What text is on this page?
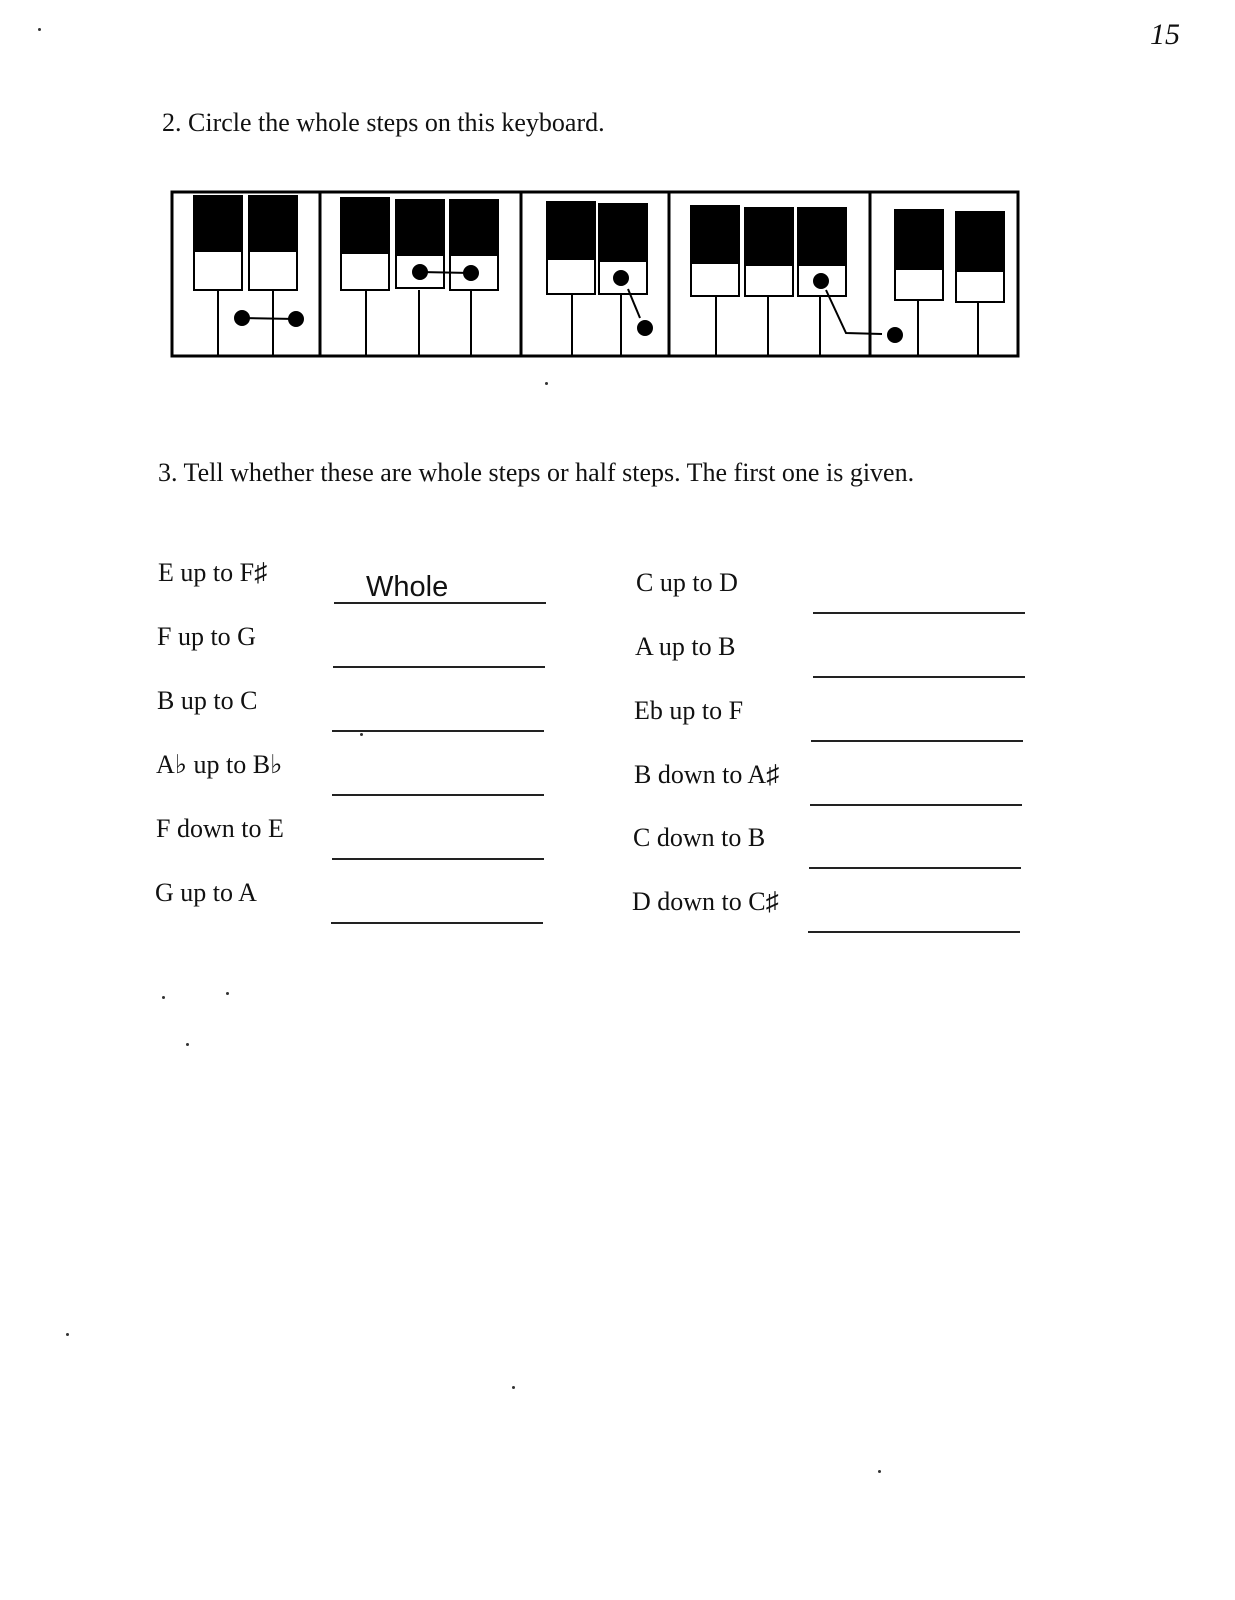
15
2. Circle the whole steps on this keyboard.
3. Tell whether these are whole steps or half steps. The first one is given.
E up to F♯	Whole
F up to G
B up to C
A♭ up to B♭
F down to E
G up to A
C up to D
A up to B
Eb up to F
B down to A♯
C down to B
D down to C♯
